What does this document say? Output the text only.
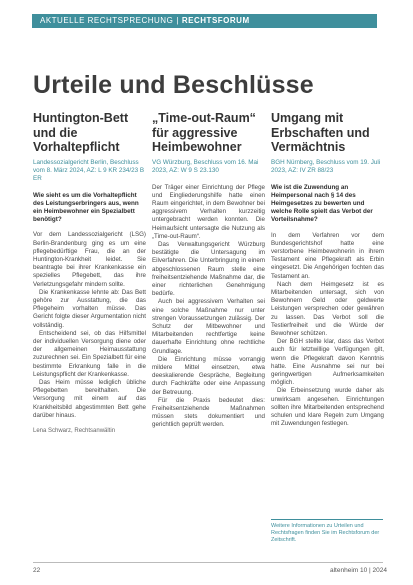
AKTUELLE RECHTSPRECHUNG | RECHTSFORUM
Urteile und Beschlüsse
Huntington-Bett und die Vorhaltepflicht
Landessozialgericht Berlin, Beschluss vom 8. März 2024, AZ: L 9 KR 234/23 B ER
Wie sieht es um die Vorhaltepflicht des Leistungserbringers aus, wenn ein Heimbewohner ein Spezialbett benötigt?

Vor dem Landessozialgericht (LSG) Berlin-Brandenburg ging es um eine pflegebedürftige Frau, die an der Huntington-Krankheit leidet. Sie beantragte bei ihrer Krankenkasse ein spezielles Pflegebett, das ihre Verletzungsgefahr mindern sollte.

Die Krankenkasse lehnte ab: Das Bett gehöre zur Ausstattung, die das Pflegeheim vorhalten müsse. Das Gericht folgte dieser Argumentation nicht vollständig.

Entscheidend sei, ob das Hilfsmittel der individuellen Versorgung diene oder der allgemeinen Heimausstattung zuzurechnen sei. Ein Spezialbett für eine bestimmte Erkrankung falle in die Leistungspflicht der Krankenkasse.

Das Heim müsse lediglich übliche Pflegebetten bereithalten. Die Versorgung mit einem auf das Krankheitsbild abgestimmten Bett gehe darüber hinaus.

Lena Schwarz, Rechtsanwältin
„Time-out-Raum“ für aggressive Heimbewohner
VG Würzburg, Beschluss vom 16. Mai 2023, AZ: W 9 S 23.130

Der Träger einer Einrichtung der Pflege und Eingliederungshilfe hatte einen Raum eingerichtet, in dem Bewohner bei aggressivem Verhalten kurzzeitig untergebracht werden konnten. Die Heimaufsicht untersagte die Nutzung als „Time-out-Raum“.

Das Verwaltungsgericht Würzburg bestätigte die Untersagung im Eilverfahren. Die Unterbringung in einem abgeschlossenen Raum stelle eine freiheitsentziehende Maßnahme dar, die einer richterlichen Genehmigung bedürfe.

Auch bei aggressivem Verhalten sei eine solche Maßnahme nur unter strengen Voraussetzungen zulässig. Der Schutz der Mitbewohner und Mitarbeitenden rechtfertige keine dauerhafte Einrichtung ohne rechtliche Grundlage.

Die Einrichtung müsse vorrangig mildere Mittel einsetzen, etwa deeskalierende Gespräche, Begleitung durch Fachkräfte oder eine Anpassung der Betreuung.

Für die Praxis bedeutet dies: Freiheitsentziehende Maßnahmen müssen stets dokumentiert und gerichtlich geprüft werden.

Umgang mit Erbschaften und Vermächtnis
BGH Nürnberg, Beschluss vom 19. Juli 2023, AZ: IV ZR 88/23
Wie ist die Zuwendung an Heimpersonal nach § 14 des Heimgesetzes zu bewerten und welche Rolle spielt das Verbot der Vorteilsnahme?

In dem Verfahren vor dem Bundesgerichtshof hatte eine verstorbene Heimbewohnerin in ihrem Testament eine Pflegekraft als Erbin eingesetzt. Die Angehörigen fochten das Testament an.

Nach dem Heimgesetz ist es Mitarbeitenden untersagt, sich von Bewohnern Geld oder geldwerte Leistungen versprechen oder gewähren zu lassen. Das Verbot soll die Testierfreiheit und die Würde der Bewohner schützen.

Der BGH stellte klar, dass das Verbot auch für letztwillige Verfügungen gilt, wenn die Pflegekraft davon Kenntnis hatte. Eine Ausnahme sei nur bei geringwertigen Aufmerksamkeiten möglich.

Die Erbeinsetzung wurde daher als unwirksam angesehen. Einrichtungen sollten ihre Mitarbeitenden entsprechend schulen und klare Regeln zum Umgang mit Zuwendungen festlegen.

Weitere Informationen zu Urteilen und Rechtsfragen finden Sie im Rechtsforum der Zeitschrift.
22	altenheim 10 | 2024
